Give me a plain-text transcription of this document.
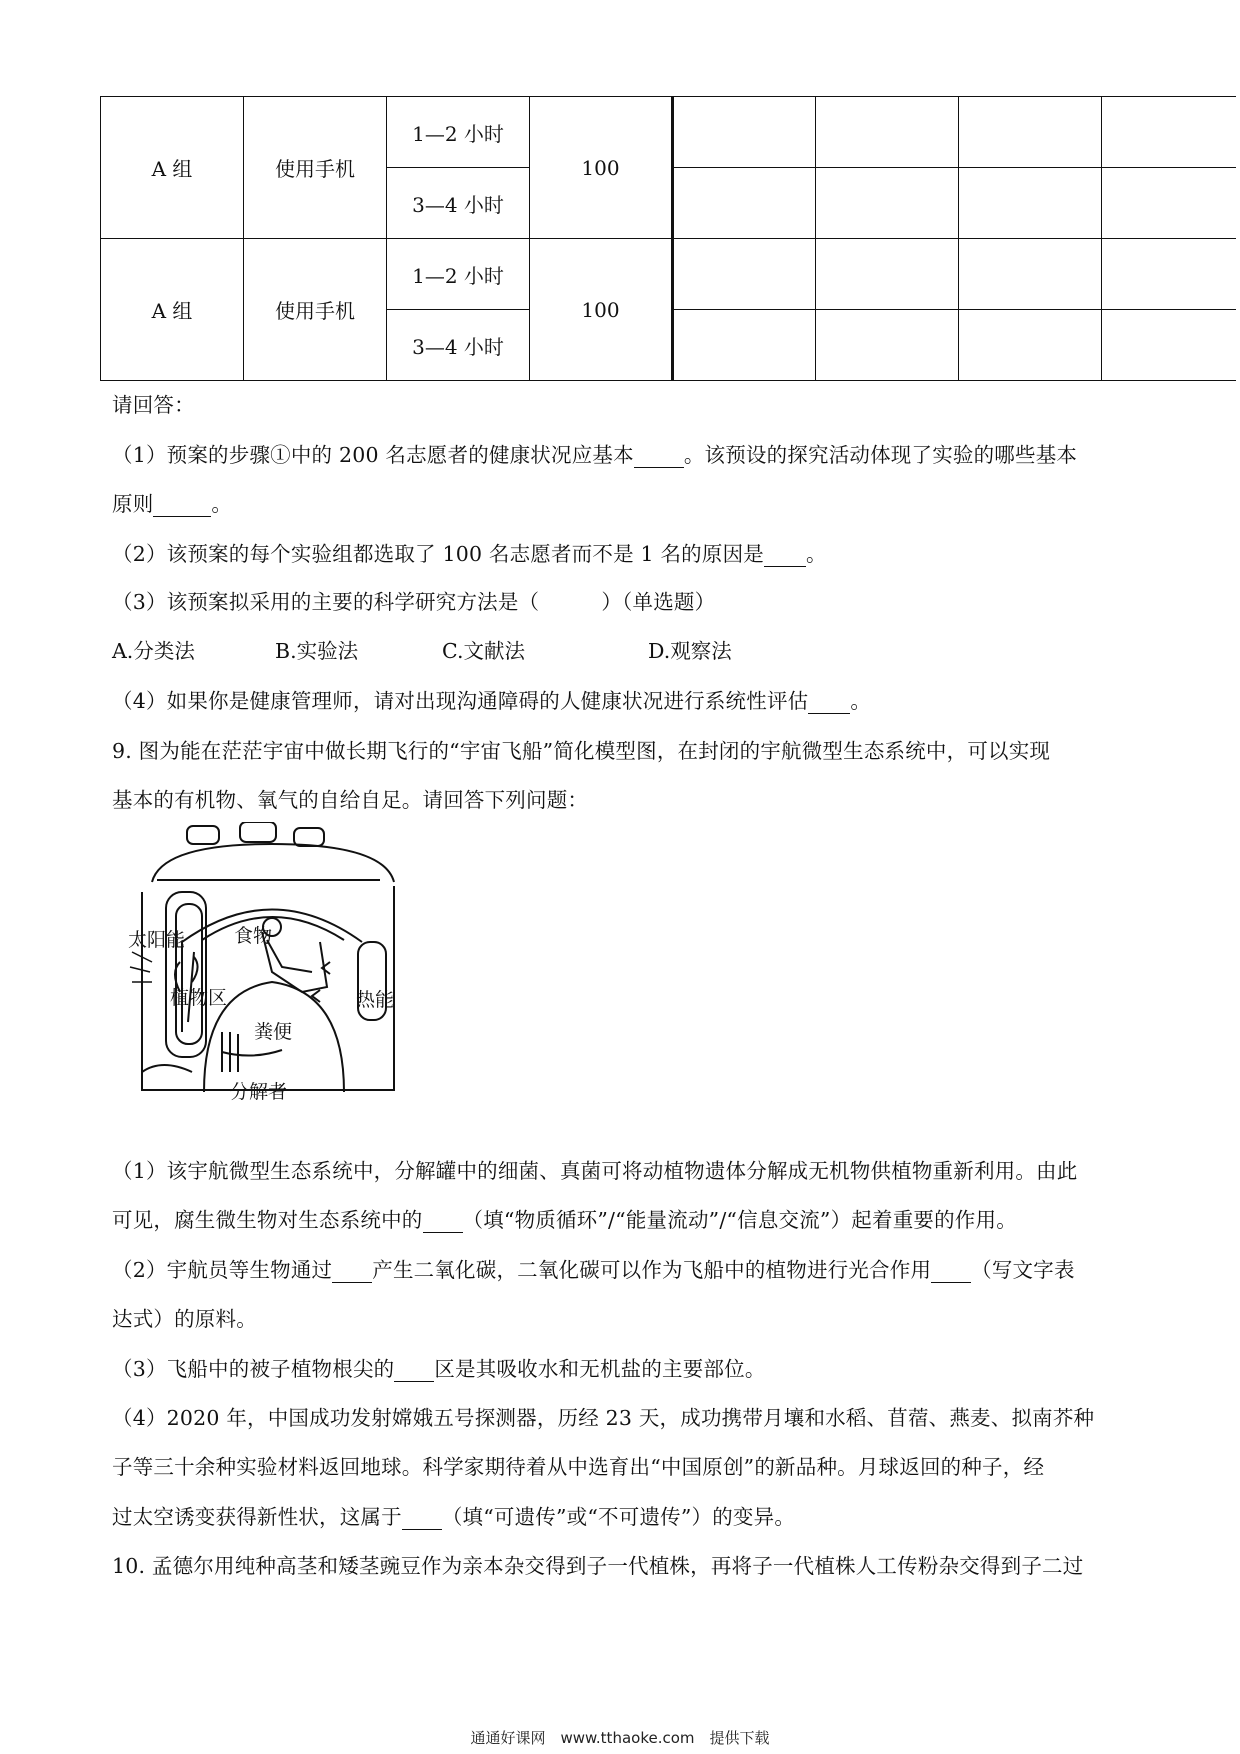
A 组	使用手机	1—2 小时	100				
		3—4 小时					
A 组	使用手机	1—2 小时	100				
		3—4 小时					
请回答：
（1）预案的步骤①中的 200 名志愿者的健康状况应基本 。该预设的探究活动体现了实验的哪些基本
原则	。
（2）该预案的每个实验组都选取了 100 名志愿者而不是 1 名的原因是 。
（3）该预案拟采用的主要的科学研究方法是（　　　）（单选题）
A.分类法	B.实验法	C.文献法	D.观察法
（4）如果你是健康管理师，请对出现沟通障碍的人健康状况进行系统性评估 。
9. 图为能在茫茫宇宙中做长期飞行的“宇宙飞船”简化模型图，在封闭的宇航微型生态系统中，可以实现
基本的有机物、氧气的自给自足。请回答下列问题：
太阳能	食物
植物区	热能
粪便
分解者
（1）该宇航微型生态系统中，分解罐中的细菌、真菌可将动植物遗体分解成无机物供植物重新利用。由此
可见，腐生微生物对生态系统中的 （填“物质循环”/“能量流动”/“信息交流”）起着重要的作用。
（2）宇航员等生物通过 产生二氧化碳，二氧化碳可以作为飞船中的植物进行光合作用 （写文字表
达式）的原料。
（3）飞船中的被子植物根尖的 区是其吸收水和无机盐的主要部位。
（4）2020 年，中国成功发射嫦娥五号探测器，历经 23 天，成功携带月壤和水稻、苜蓿、燕麦、拟南芥种
子等三十余种实验材料返回地球。科学家期待着从中选育出“中国原创”的新品种。月球返回的种子，经
过太空诱变获得新性状，这属于 （填“可遗传”或“不可遗传”）的变异。
10. 孟德尔用纯种高茎和矮茎豌豆作为亲本杂交得到子一代植株，再将子一代植株人工传粉杂交得到子二过
通通好课网　www.tthaoke.com　提供下载
